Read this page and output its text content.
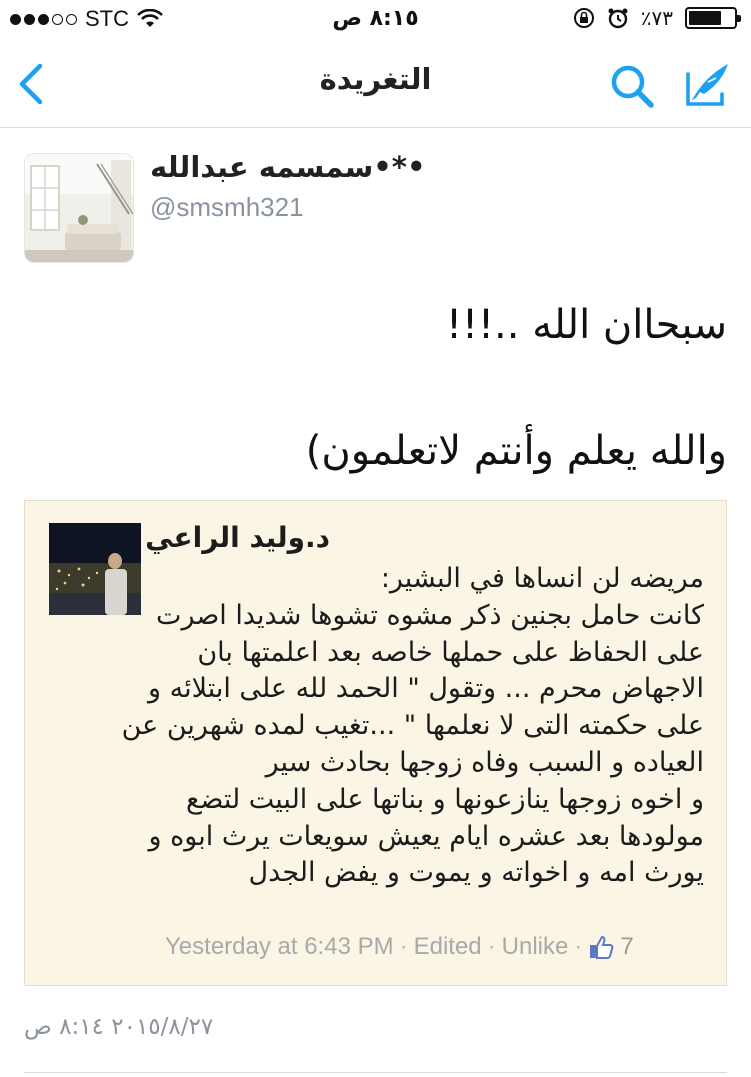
STC	٨:١٥ ص	٪٧٣
التغريدة
سمسمه عبدالله•*•
@smsmh321
سبحاان الله ..!!!
والله يعلم وأنتم لاتعلمون)
د.وليد الراعي
مريضه لن انساها في البشير:
كانت حامل بجنين ذكر مشوه تشوها شديدا اصرت
على الحفاظ على حملها خاصه بعد اعلمتها بان
الاجهاض محرم ... وتقول " الحمد لله على ابتلائه و
على حكمته التى لا نعلمها " ...تغيب لمده شهرين عن
العياده و السبب وفاه زوجها بحادث سير
و اخوه زوجها ينازعونها و بناتها على البيت لتضع
مولودها بعد عشره ايام يعيش سويعات يرث ابوه و
يورث امه و اخواته و يموت و يفض الجدل
Yesterday at 6:43 PM · Edited · Unlike · 7
٢٠١٥/٨/٢٧ ٨:١٤ ص
